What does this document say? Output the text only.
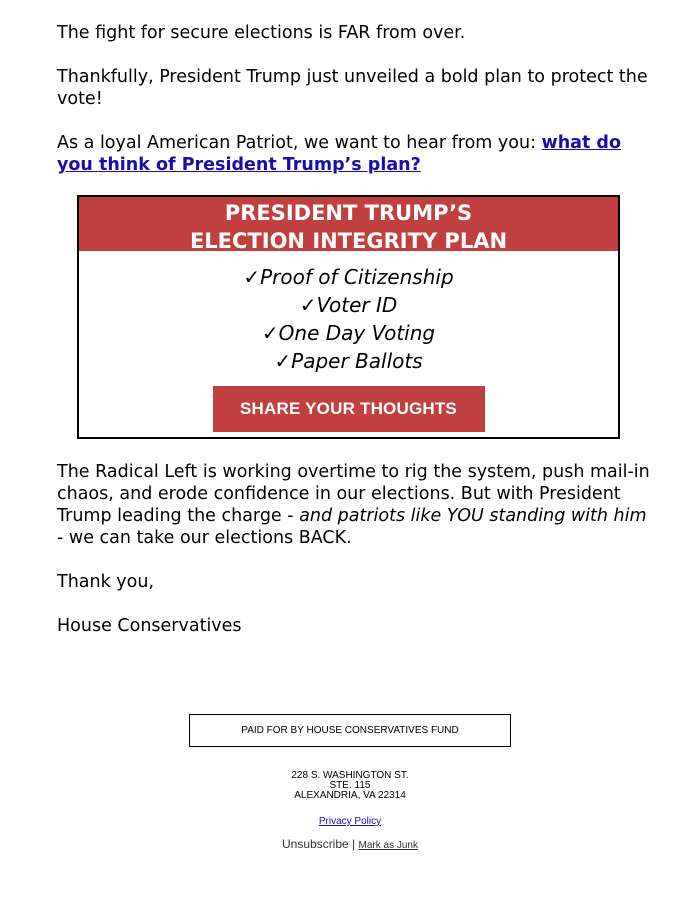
The fight for secure elections is FAR from over.

Thankfully, President Trump just unveiled a bold plan to protect the vote!

As a loyal American Patriot, we want to hear from you: what do you think of President Trump’s plan?

PRESIDENT TRUMP’S
ELECTION INTEGRITY PLAN
✓Proof of Citizenship
✓Voter ID
✓One Day Voting
✓Paper Ballots
SHARE YOUR THOUGHTS

The Radical Left is working overtime to rig the system, push mail-in chaos, and erode confidence in our elections. But with President Trump leading the charge - and patriots like YOU standing with him - we can take our elections BACK.

Thank you,

House Conservatives

PAID FOR BY HOUSE CONSERVATIVES FUND
228 S. WASHINGTON ST.
STE. 115
ALEXANDRIA, VA 22314
Privacy Policy
Unsubscribe | Mark as Junk
